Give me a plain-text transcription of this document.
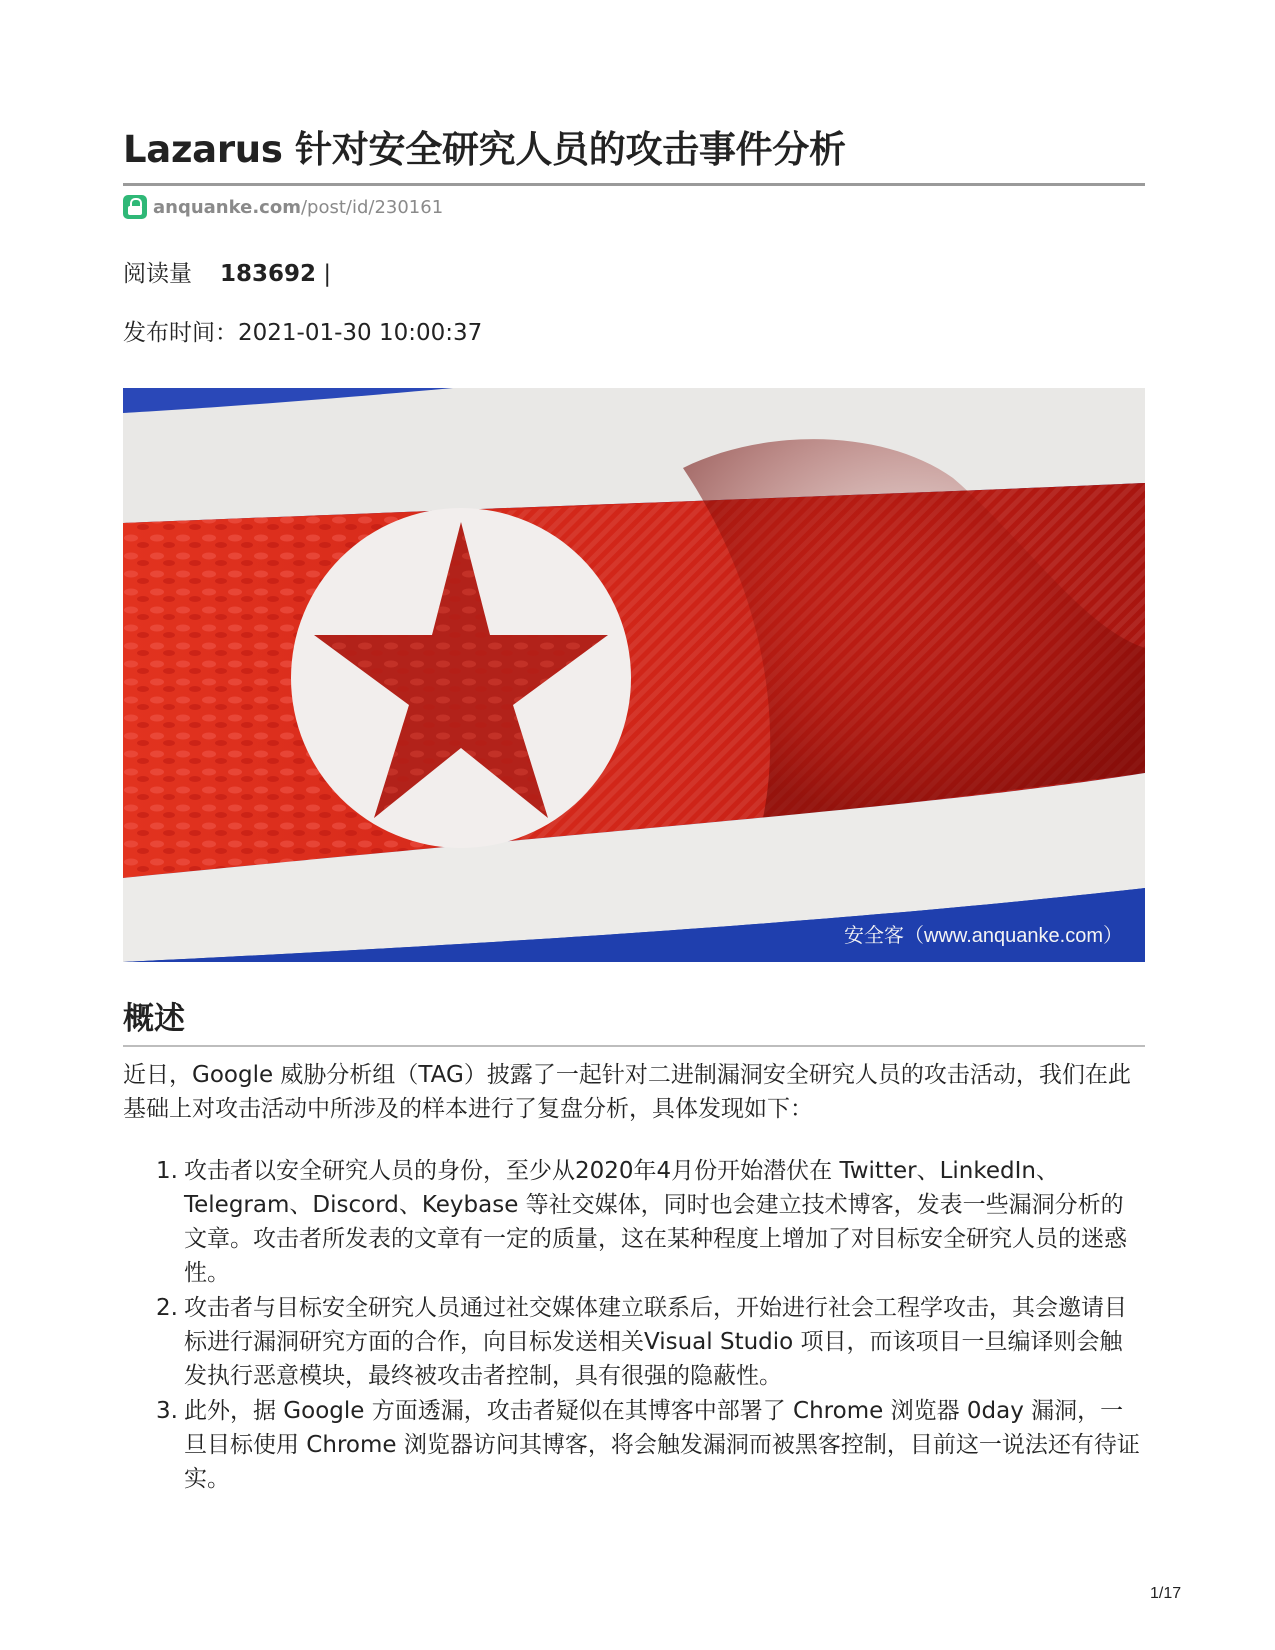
Lazarus 针对安全研究人员的攻击事件分析
anquanke.com /post/id/230161
阅读量 183692 |
发布时间：2021-01-30 10:00:37
安全客（www.anquanke.com）
概述

近日，Google 威胁分析组（TAG）披露了一起针对二进制漏洞安全研究人员的攻击活动，我们在此基础上对攻击活动中所涉及的样本进行了复盘分析，具体发现如下：

1. 攻击者以安全研究人员的身份，至少从2020年4月份开始潜伏在 Twitter、LinkedIn、Telegram、Discord、Keybase 等社交媒体，同时也会建立技术博客，发表一些漏洞分析的文章。攻击者所发表的文章有一定的质量，这在某种程度上增加了对目标安全研究人员的迷惑性。
2. 攻击者与目标安全研究人员通过社交媒体建立联系后，开始进行社会工程学攻击，其会邀请目标进行漏洞研究方面的合作，向目标发送相关Visual Studio 项目，而该项目一旦编译则会触发执行恶意模块，最终被攻击者控制，具有很强的隐蔽性。
3. 此外，据 Google 方面透漏，攻击者疑似在其博客中部署了 Chrome 浏览器 0day 漏洞，一旦目标使用 Chrome 浏览器访问其博客，将会触发漏洞而被黑客控制，目前这一说法还有待证实。
1/17
